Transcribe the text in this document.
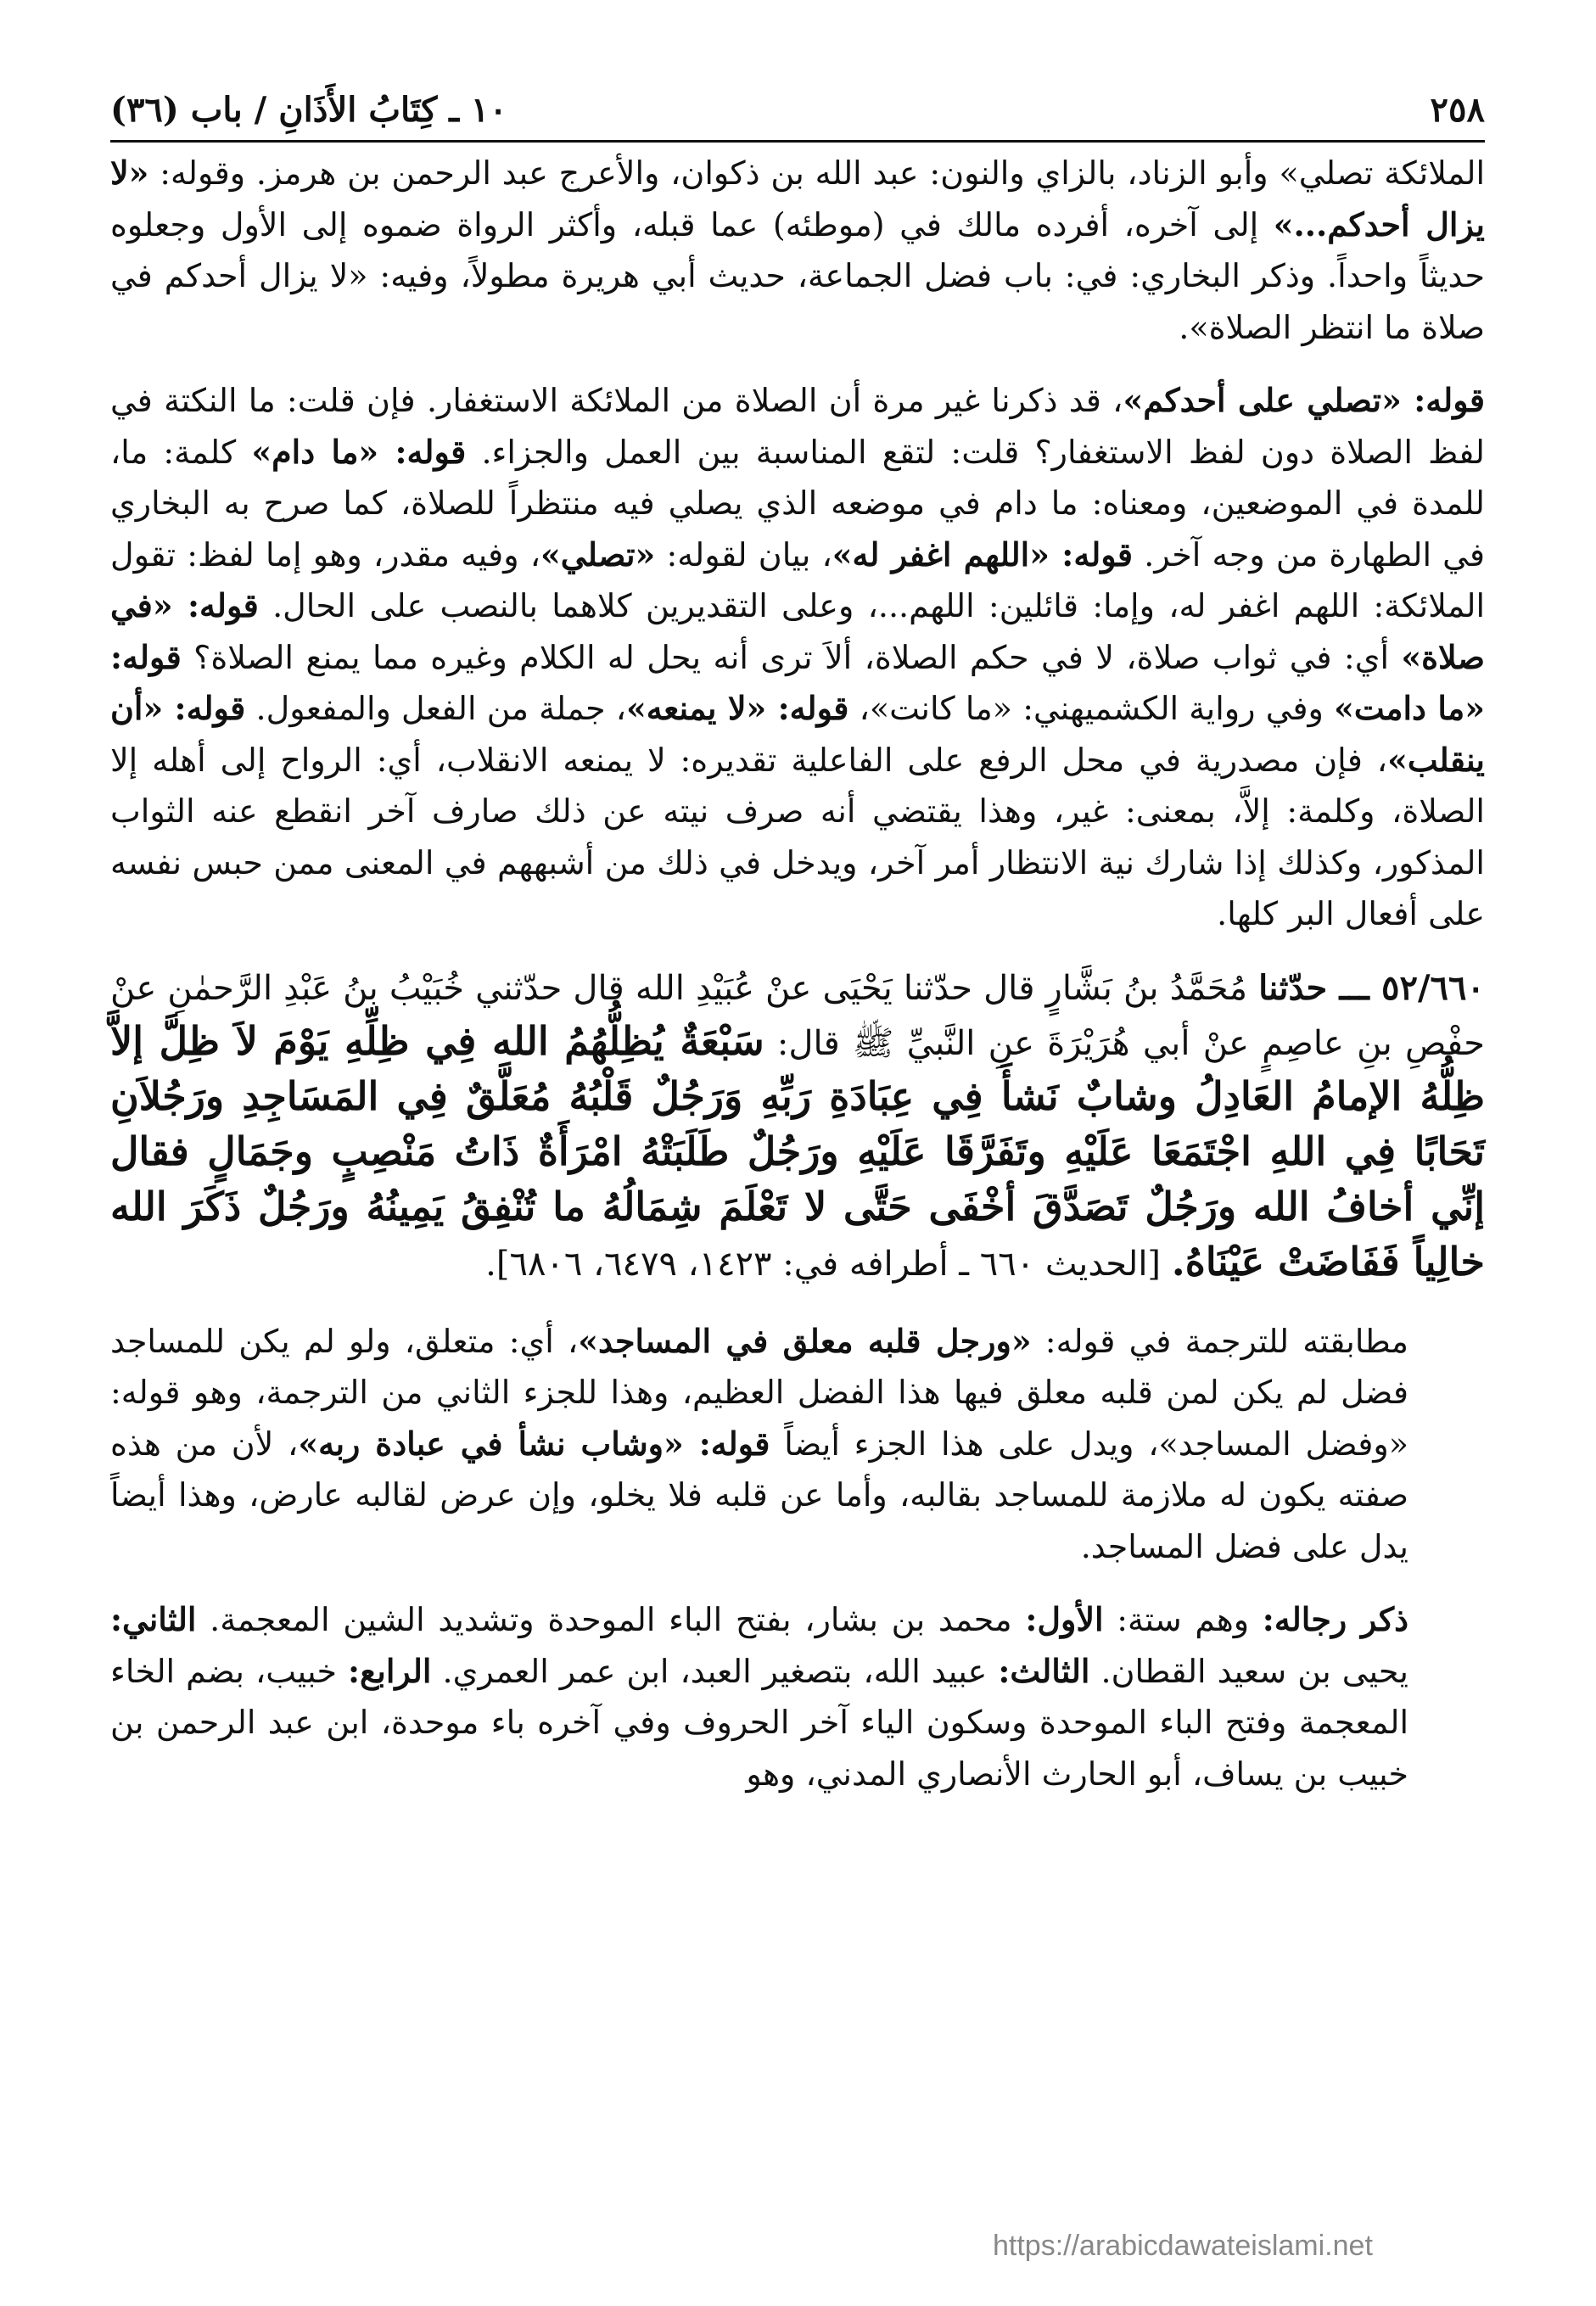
٢٥٨
١٠ ـ كِتَابُ الأَذَانِ / باب (٣٦)

الملائكة تصلي» وأبو الزناد، بالزاي والنون: عبد الله بن ذكوان، والأعرج عبد الرحمن بن هرمز. وقوله: «لا يزال أحدكم...» إلى آخره، أفرده مالك في (موطئه) عما قبله، وأكثر الرواة ضموه إلى الأول وجعلوه حديثاً واحداً. وذكر البخاري: في: باب فضل الجماعة، حديث أبي هريرة مطولاً، وفيه: «لا يزال أحدكم في صلاة ما انتظر الصلاة».

قوله: «تصلي على أحدكم»، قد ذكرنا غير مرة أن الصلاة من الملائكة الاستغفار. فإن قلت: ما النكتة في لفظ الصلاة دون لفظ الاستغفار؟ قلت: لتقع المناسبة بين العمل والجزاء. قوله: «ما دام» كلمة: ما، للمدة في الموضعين، ومعناه: ما دام في موضعه الذي يصلي فيه منتظراً للصلاة، كما صرح به البخاري في الطهارة من وجه آخر. قوله: «اللهم اغفر له»، بيان لقوله: «تصلي»، وفيه مقدر، وهو إما لفظ: تقول الملائكة: اللهم اغفر له، وإما: قائلين: اللهم...، وعلى التقديرين كلاهما بالنصب على الحال. قوله: «في صلاة» أي: في ثواب صلاة، لا في حكم الصلاة، ألاَ ترى أنه يحل له الكلام وغيره مما يمنع الصلاة؟ قوله: «ما دامت» وفي رواية الكشميهني: «ما كانت»، قوله: «لا يمنعه»، جملة من الفعل والمفعول. قوله: «أن ينقلب»، فإن مصدرية في محل الرفع على الفاعلية تقديره: لا يمنعه الانقلاب، أي: الرواح إلى أهله إلا الصلاة، وكلمة: إلاَّ، بمعنى: غير، وهذا يقتضي أنه صرف نيته عن ذلك صارف آخر انقطع عنه الثواب المذكور، وكذلك إذا شارك نية الانتظار أمر آخر، ويدخل في ذلك من أشبههم في المعنى ممن حبس نفسه على أفعال البر كلها.

٥٢/٦٦٠ ـــ حدّثنا مُحَمَّدُ بنُ بَشَّارٍ قال حدّثنا يَحْيَى عنْ عُبَيْدِ الله قال حدّثني خُبَيْبُ بنُ عَبْدِ الرَّحمٰنِ عنْ حفْصِ بنِ عاصِمٍ عنْ أبي هُرَيْرَةَ عنِ النَّبيِّ ﷺ قال: سَبْعَةٌ يُظِلُّهُمُ الله فِي ظِلِّهِ يَوْمَ لاَ ظِلَّ إلاَّ ظِلُّهُ الإمامُ العَادِلُ وشابٌ نَشأَ فِي عِبَادَةِ رَبِّهِ وَرَجُلٌ قَلْبُهُ مُعَلَّقٌ فِي المَسَاجِدِ ورَجُلاَنِ تَحَابًا فِي اللهِ اجْتَمَعَا عَلَيْهِ وتَفَرَّقَا عَلَيْهِ ورَجُلٌ طَلَبَتْهُ امْرَأَةٌ ذَاتُ مَنْصِبٍ وجَمَالٍ فقال إنِّي أخافُ الله ورَجُلٌ تَصَدَّقَ أخْفَى حَتَّى لا تَعْلَمَ شِمَالُهُ ما تُنْفِقُ يَمِينُهُ ورَجُلٌ ذَكَرَ الله خالِياً فَفَاضَتْ عَيْنَاهُ. [الحديث ٦٦٠ ـ أطرافه في: ١٤٢٣، ٦٤٧٩، ٦٨٠٦].

مطابقته للترجمة في قوله: «ورجل قلبه معلق في المساجد»، أي: متعلق، ولو لم يكن للمساجد فضل لم يكن لمن قلبه معلق فيها هذا الفضل العظيم، وهذا للجزء الثاني من الترجمة، وهو قوله: «وفضل المساجد»، ويدل على هذا الجزء أيضاً قوله: «وشاب نشأ في عبادة ربه»، لأن من هذه صفته يكون له ملازمة للمساجد بقالبه، وأما عن قلبه فلا يخلو، وإن عرض لقالبه عارض، وهذا أيضاً يدل على فضل المساجد.

ذكر رجاله: وهم ستة: الأول: محمد بن بشار، بفتح الباء الموحدة وتشديد الشين المعجمة. الثاني: يحيى بن سعيد القطان. الثالث: عبيد الله، بتصغير العبد، ابن عمر العمري. الرابع: خبيب، بضم الخاء المعجمة وفتح الباء الموحدة وسكون الياء آخر الحروف وفي آخره باء موحدة، ابن عبد الرحمن بن خبيب بن يساف، أبو الحارث الأنصاري المدني، وهو

https://arabicdawateislami.net
